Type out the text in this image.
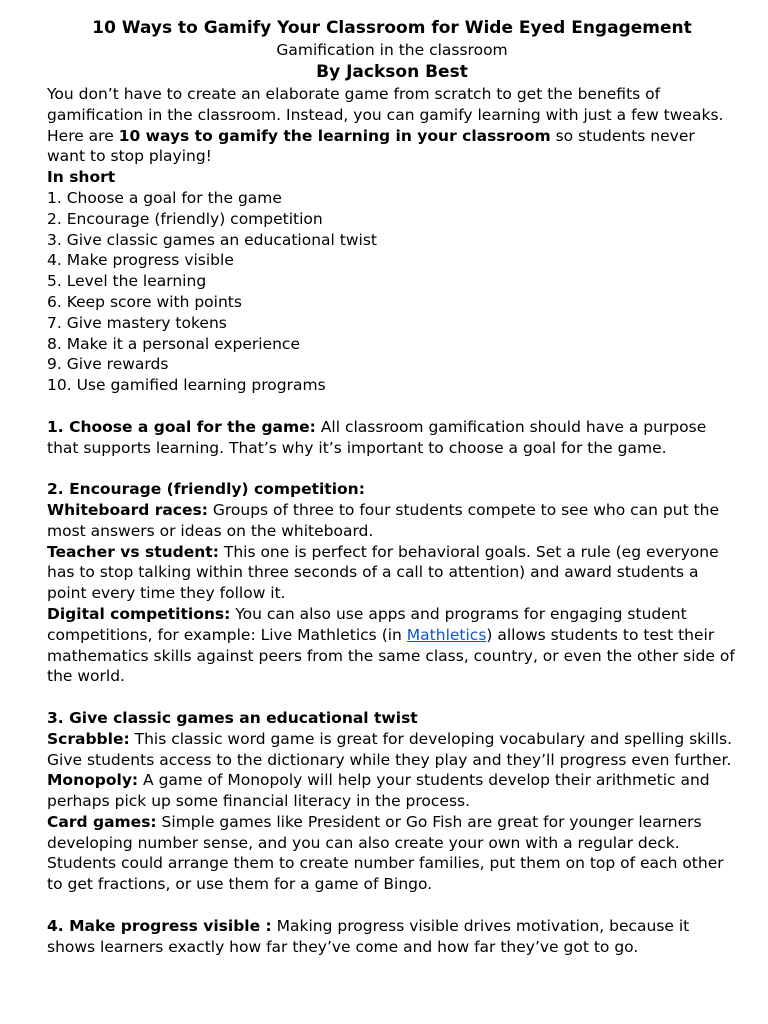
10 Ways to Gamify Your Classroom for Wide Eyed Engagement

Gamification in the classroom

By Jackson Best

You don’t have to create an elaborate game from scratch to get the benefits of gamification in the classroom. Instead, you can gamify learning with just a few tweaks.

Here are 10 ways to gamify the learning in your classroom so students never want to stop playing!

In short

1. Choose a goal for the game
2. Encourage (friendly) competition
3. Give classic games an educational twist
4. Make progress visible
5. Level the learning
6. Keep score with points
7. Give mastery tokens
8. Make it a personal experience
9. Give rewards
10. Use gamified learning programs

1. Choose a goal for the game: All classroom gamification should have a purpose that supports learning. That’s why it’s important to choose a goal for the game.

2. Encourage (friendly) competition:

Whiteboard races: Groups of three to four students compete to see who can put the most answers or ideas on the whiteboard.

Teacher vs student: This one is perfect for behavioral goals. Set a rule (eg everyone has to stop talking within three seconds of a call to attention) and award students a point every time they follow it.

Digital competitions: You can also use apps and programs for engaging student competitions, for example: Live Mathletics (in Mathletics) allows students to test their mathematics skills against peers from the same class, country, or even the other side of the world.

3. Give classic games an educational twist

Scrabble: This classic word game is great for developing vocabulary and spelling skills. Give students access to the dictionary while they play and they’ll progress even further.

Monopoly: A game of Monopoly will help your students develop their arithmetic and perhaps pick up some financial literacy in the process.

Card games: Simple games like President or Go Fish are great for younger learners developing number sense, and you can also create your own with a regular deck. Students could arrange them to create number families, put them on top of each other to get fractions, or use them for a game of Bingo.

4. Make progress visible : Making progress visible drives motivation, because it shows learners exactly how far they’ve come and how far they’ve got to go.
